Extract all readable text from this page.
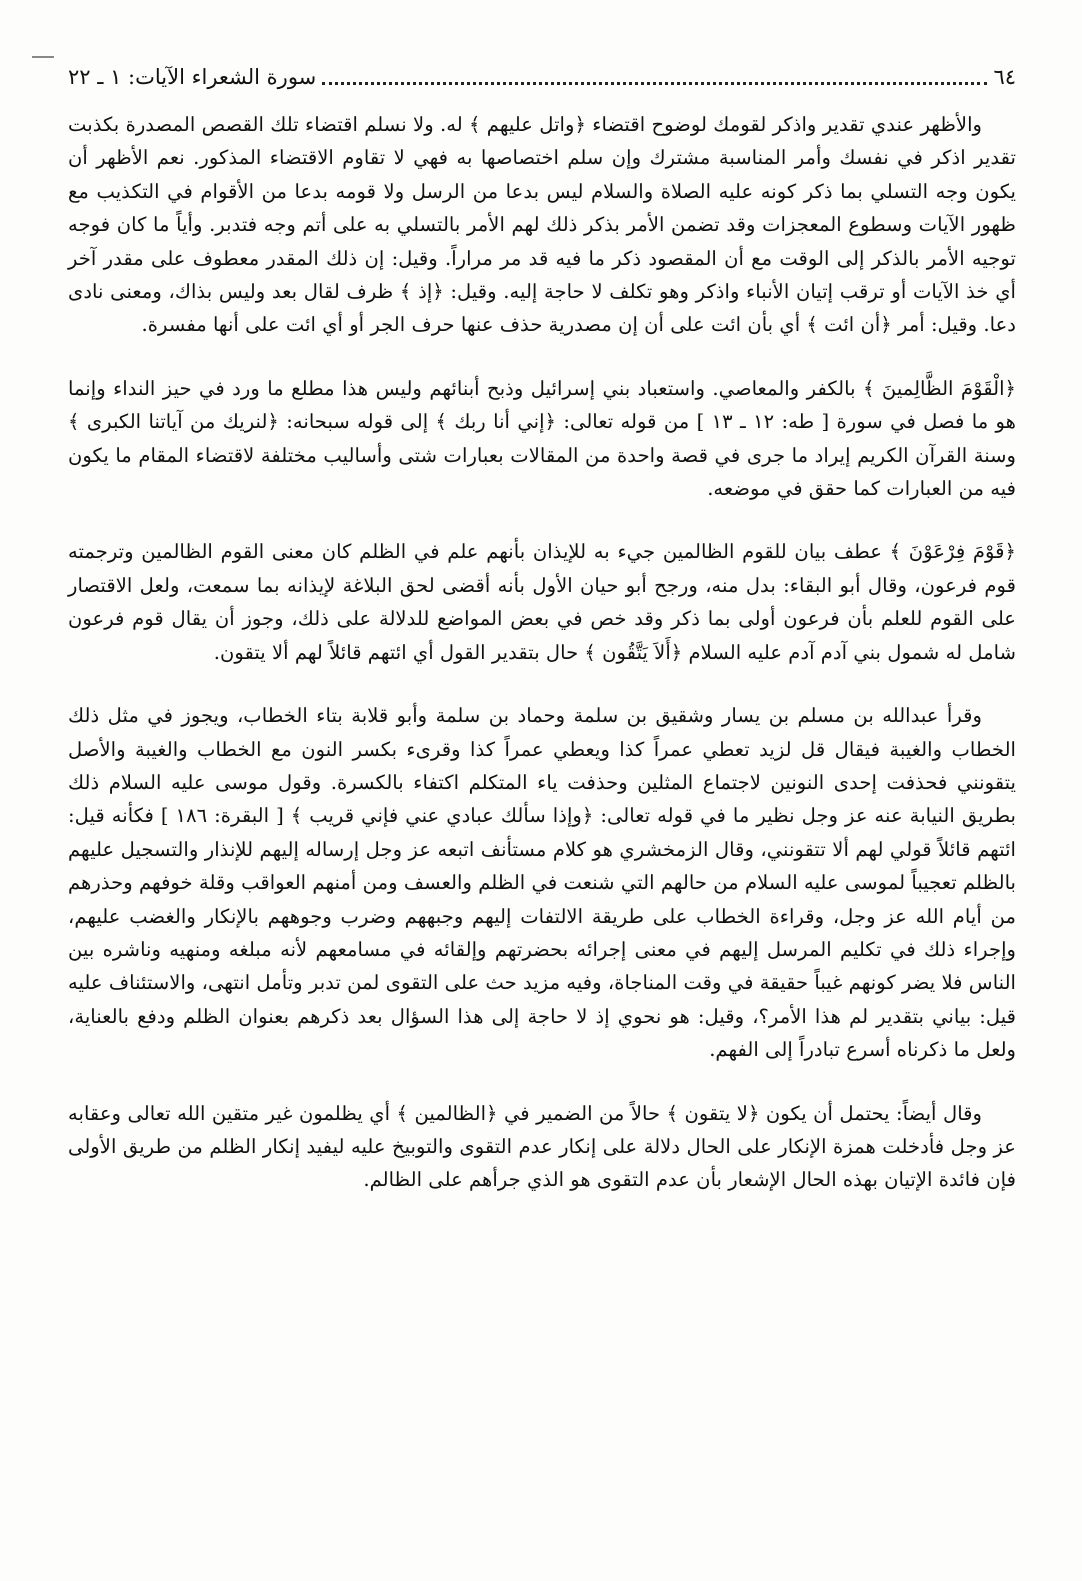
٦٤
سورة الشعراء الآيات: ١ ـ ٢٢

والأظهر عندي تقدير واذكر لقومك لوضوح اقتضاء ﴿واتل عليهم ﴾ له. ولا نسلم اقتضاء تلك القصص المصدرة بكذبت تقدير اذكر في نفسك وأمر المناسبة مشترك وإن سلم اختصاصها به فهي لا تقاوم الاقتضاء المذكور. نعم الأظهر أن يكون وجه التسلي بما ذكر كونه عليه الصلاة والسلام ليس بدعا من الرسل ولا قومه بدعا من الأقوام في التكذيب مع ظهور الآيات وسطوع المعجزات وقد تضمن الأمر بذكر ذلك لهم الأمر بالتسلي به على أتم وجه فتدبر. وأياً ما كان فوجه توجيه الأمر بالذكر إلى الوقت مع أن المقصود ذكر ما فيه قد مر مراراً. وقيل: إن ذلك المقدر معطوف على مقدر آخر أي خذ الآيات أو ترقب إتيان الأنباء واذكر وهو تكلف لا حاجة إليه. وقيل: ﴿إذ ﴾ ظرف لقال بعد وليس بذاك، ومعنى نادى دعا. وقيل: أمر ﴿أن ائت ﴾ أي بأن ائت على أن إن مصدرية حذف عنها حرف الجر أو أي ائت على أنها مفسرة.

﴿الْقَوْمَ الظَّالِمينَ ﴾ بالكفر والمعاصي. واستعباد بني إسرائيل وذبح أبنائهم وليس هذا مطلع ما ورد في حيز النداء وإنما هو ما فصل في سورة [ طه: ١٢ ـ ١٣ ] من قوله تعالى: ﴿إني أنا ربك ﴾ إلى قوله سبحانه: ﴿لنريك من آياتنا الكبرى ﴾ وسنة القرآن الكريم إيراد ما جرى في قصة واحدة من المقالات بعبارات شتى وأساليب مختلفة لاقتضاء المقام ما يكون فيه من العبارات كما حقق في موضعه.

﴿قَوْمَ فِرْعَوْنَ ﴾ عطف بيان للقوم الظالمين جيء به للإيذان بأنهم علم في الظلم كان معنى القوم الظالمين وترجمته قوم فرعون، وقال أبو البقاء: بدل منه، ورجح أبو حيان الأول بأنه أقضى لحق البلاغة لإيذانه بما سمعت، ولعل الاقتصار على القوم للعلم بأن فرعون أولى بما ذكر وقد خص في بعض المواضع للدلالة على ذلك، وجوز أن يقال قوم فرعون شامل له شمول بني آدم آدم عليه السلام ﴿أَلاَ يَتَّقُون ﴾ حال بتقدير القول أي ائتهم قائلاً لهم ألا يتقون.

وقرأ عبدالله بن مسلم بن يسار وشقيق بن سلمة وحماد بن سلمة وأبو قلابة بتاء الخطاب، ويجوز في مثل ذلك الخطاب والغيبة فيقال قل لزيد تعطي عمراً كذا ويعطي عمراً كذا وقرىء بكسر النون مع الخطاب والغيبة والأصل يتقونني فحذفت إحدى النونين لاجتماع المثلين وحذفت ياء المتكلم اكتفاء بالكسرة. وقول موسى عليه السلام ذلك بطريق النيابة عنه عز وجل نظير ما في قوله تعالى: ﴿وإذا سألك عبادي عني فإني قريب ﴾ [ البقرة: ١٨٦ ] فكأنه قيل: ائتهم قائلاً قولي لهم ألا تتقونني، وقال الزمخشري هو كلام مستأنف اتبعه عز وجل إرساله إليهم للإنذار والتسجيل عليهم بالظلم تعجيباً لموسى عليه السلام من حالهم التي شنعت في الظلم والعسف ومن أمنهم العواقب وقلة خوفهم وحذرهم من أيام الله عز وجل، وقراءة الخطاب على طريقة الالتفات إليهم وجبههم وضرب وجوههم بالإنكار والغضب عليهم، وإجراء ذلك في تكليم المرسل إليهم في معنى إجرائه بحضرتهم وإلقائه في مسامعهم لأنه مبلغه ومنهيه وناشره بين الناس فلا يضر كونهم غيباً حقيقة في وقت المناجاة، وفيه مزيد حث على التقوى لمن تدبر وتأمل انتهى، والاستئناف عليه قيل: بياني بتقدير لم هذا الأمر؟، وقيل: هو نحوي إذ لا حاجة إلى هذا السؤال بعد ذكرهم بعنوان الظلم ودفع بالعناية، ولعل ما ذكرناه أسرع تبادراً إلى الفهم.

وقال أيضاً: يحتمل أن يكون ﴿لا يتقون ﴾ حالاً من الضمير في ﴿الظالمين ﴾ أي يظلمون غير متقين الله تعالى وعقابه عز وجل فأدخلت همزة الإنكار على الحال دلالة على إنكار عدم التقوى والتوبيخ عليه ليفيد إنكار الظلم من طريق الأولى فإن فائدة الإتيان بهذه الحال الإشعار بأن عدم التقوى هو الذي جرأهم على الظالم.
